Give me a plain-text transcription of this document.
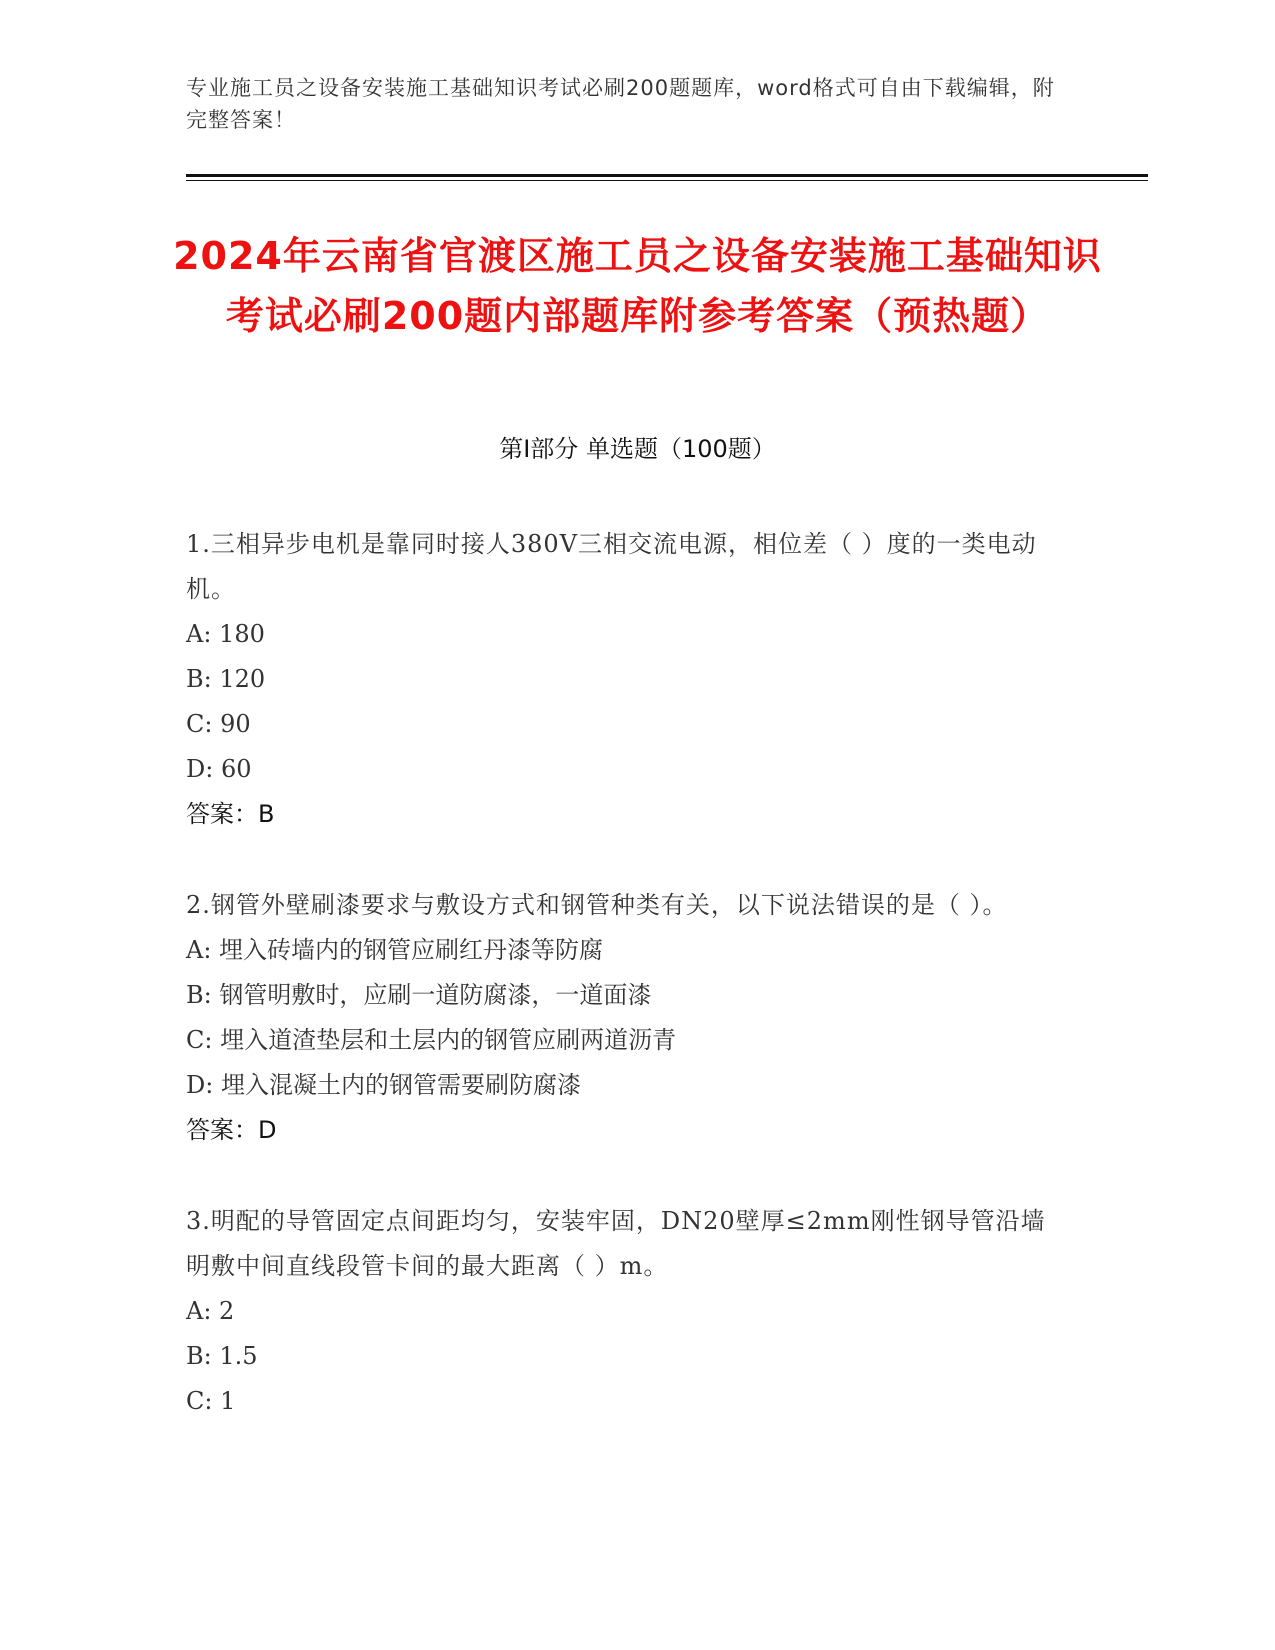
专业施工员之设备安装施工基础知识考试必刷200题题库，word格式可自由下载编辑，附完整答案！
2024年云南省官渡区施工员之设备安装施工基础知识考试必刷200题内部题库附参考答案（预热题）
第Ⅰ部分 单选题（100题）
1.三相异步电机是靠同时接人380V三相交流电源，相位差（ ）度的一类电动机。
A: 180
B: 120
C: 90
D: 60
答案：B
2.钢管外壁刷漆要求与敷设方式和钢管种类有关，以下说法错误的是（ ）。
A: 埋入砖墙内的钢管应刷红丹漆等防腐
B: 钢管明敷时，应刷一道防腐漆，一道面漆
C: 埋入道渣垫层和土层内的钢管应刷两道沥青
D: 埋入混凝土内的钢管需要刷防腐漆
答案：D
3.明配的导管固定点间距均匀，安装牢固，DN20壁厚≤2mm刚性钢导管沿墙明敷中间直线段管卡间的最大距离（ ）m。
A: 2
B: 1.5
C: 1
